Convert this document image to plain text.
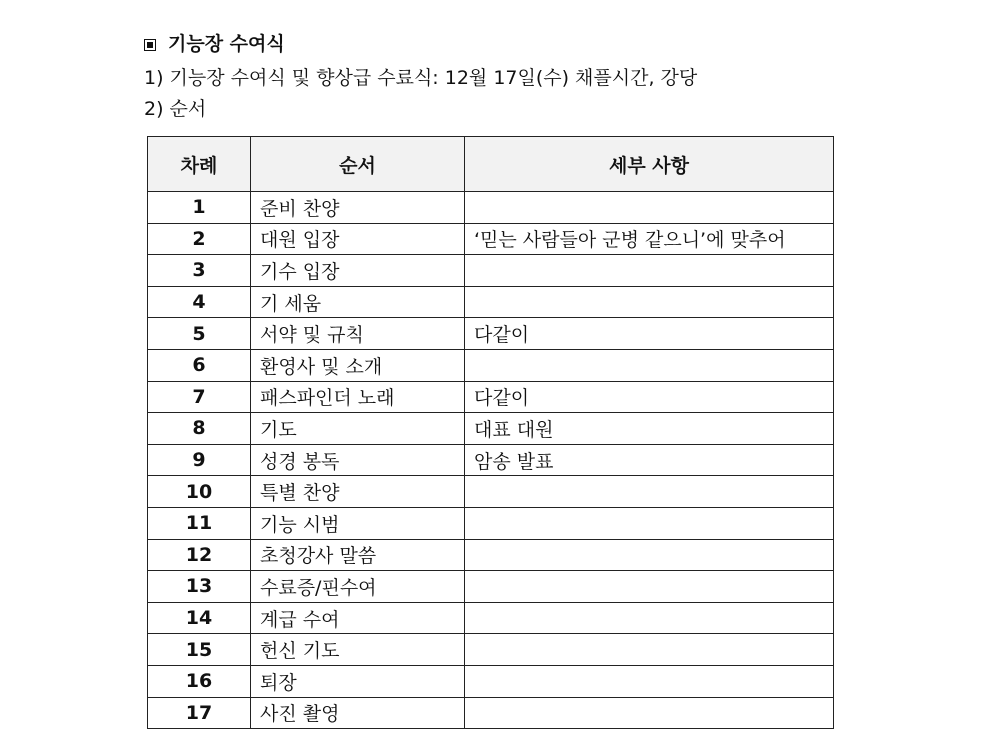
기능장 수여식
1) 기능장 수여식 및 향상급 수료식: 12월 17일(수) 채플시간, 강당
2) 순서
차례	순서	세부 사항
1	준비 찬양	
2	대원 입장	‘믿는 사람들아 군병 같으니’에 맞추어
3	기수 입장	
4	기 세움	
5	서약 및 규칙	다같이
6	환영사 및 소개	
7	패스파인더 노래	다같이
8	기도	대표 대원
9	성경 봉독	암송 발표
10	특별 찬양	
11	기능 시범	
12	초청강사 말씀	
13	수료증/핀수여	
14	계급 수여	
15	헌신 기도	
16	퇴장	
17	사진 촬영	
